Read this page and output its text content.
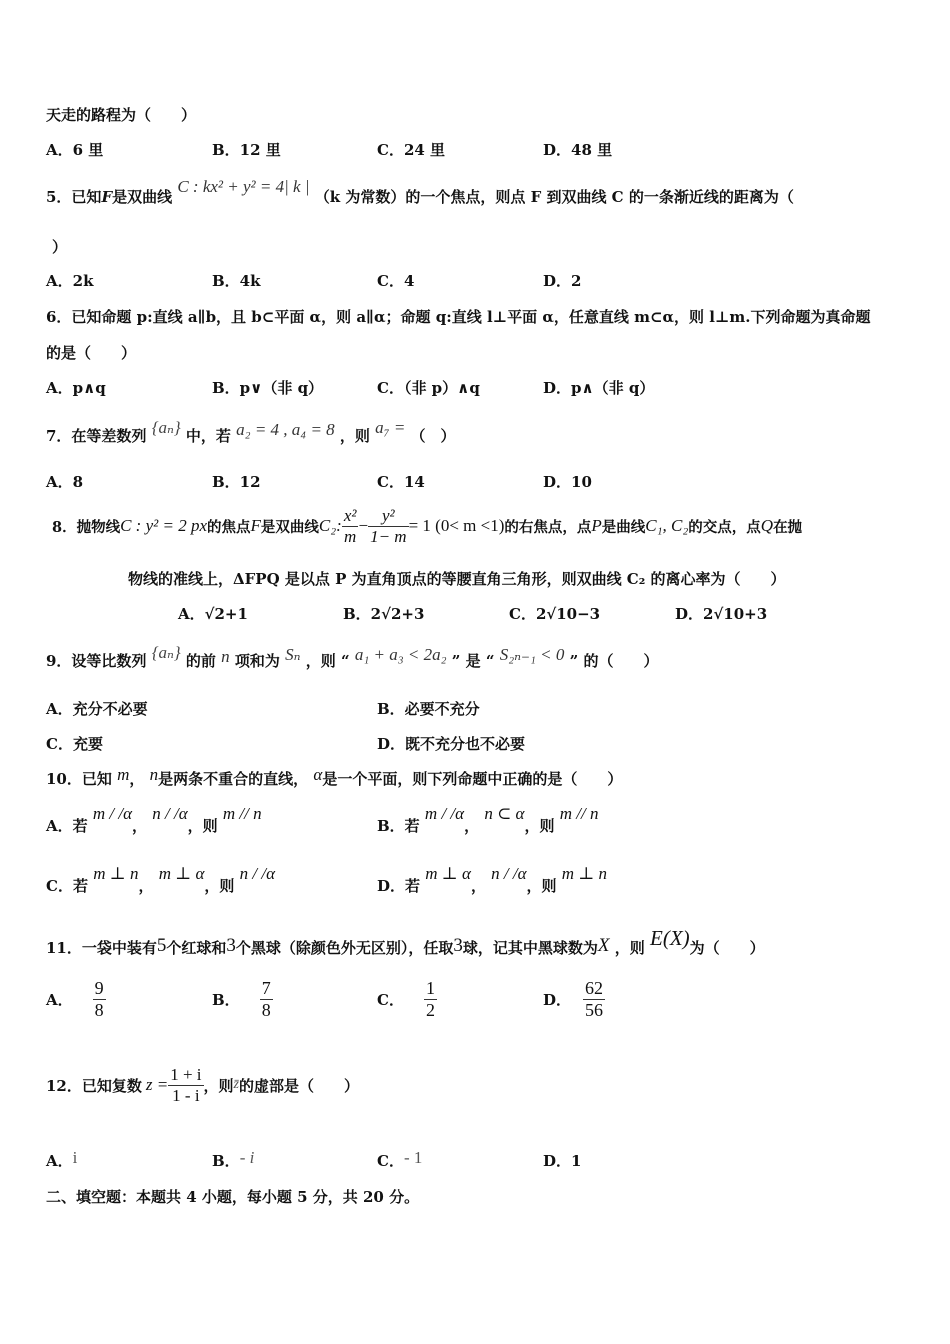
天走的路程为（　　）
A．6 里	B．12 里	C．24 里	D．48 里
5．已知F是双曲线 C : kx² + y² = 4| k | （k 为常数）的一个焦点，则点 F 到双曲线 C 的一条渐近线的距离为（
）
A．2k	B．4k	C．4	D．2
6．已知命题 p:直线 a∥b，且 b⊂平面 α，则 a∥α；命题 q:直线 l⊥平面 α，任意直线 m⊂α，则 l⊥m.下列命题为真命题
的是（　　）
A．p∧q	B．p∨（非 q）	C．（非 p）∧q	D．p∧（非 q）
7．在等差数列 {aₙ} 中，若 a₂ = 4 , a₄ = 8 ，则 a₇ = （　）
A．8	B．12	C．14	D．10
8．抛物线 C : y² = 2 px 的焦点 F 是双曲线 C₂: $\frac{\text{x²}}{m} - \frac{\text{y²}}{1- m} = 1$ (0< m <1) 的右焦点，点 P 是曲线 C₁, C₂ 的交点，点 Q 在抛
物线的准线上，ΔFPQ 是以点 P 为直角顶点的等腰直角三角形，则双曲线 C₂ 的离心率为（　　）
A．√2+1	B．2√2+3	C．2√10−3	D．2√10+3
9．设等比数列 {aₙ} 的前 n 项和为 Sₙ ，则 “ a₁ + a₃ < 2a₂ ” 是 “ S₂ₙ₋₁ < 0 ” 的（　　）
A．充分不必要	B．必要不充分
C．充要	D．既不充分也不必要
10．已知 m， n是两条不重合的直线， α是一个平面，则下列命题中正确的是（　　）
A．若 m / /α， n / /α，则 m // n
B．若 m / /α， n ⊂ α，则 m // n
C．若 m ⊥ n， m ⊥ α，则 n / /α
D．若 m ⊥ α， n / /α，则 m ⊥ n
11．一袋中装有5个红球和3个黑球（除颜色外无区别），任取3球，记其中黑球数为X ，则 E(X)为（　　）
A． $\frac{9}{8}$	B． $\frac{7}{8}$	C． $\frac{1}{2}$	D． $\frac{62}{56}$
12．已知复数 $z = \frac{1 + i}{1 - i}$ ，则 z̄ 的虚部是（　　）
A．i	B．- i	C．- 1	D．1
二、填空题：本题共 4 小题，每小题 5 分，共 20 分。
